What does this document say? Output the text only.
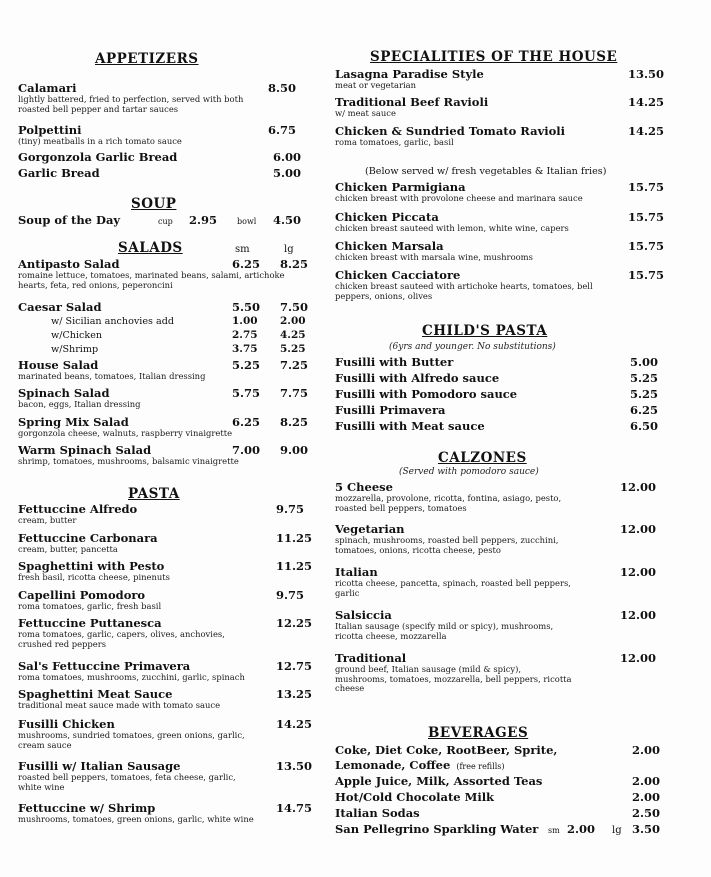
APPETIZERS
Calamari
lightly battered, fried to perfection, served with both roasted bell pepper and tartar sauces
8.50
Polpettini
(tiny) meatballs in a rich tomato sauce
6.75
Gorgonzola Garlic Bread	6.00
Garlic Bread	5.00
SOUP
Soup of the Day	cup 2.95 bowl 4.50
SALADS	sm	lg
Antipasto Salad
romaine lettuce, tomatoes, marinated beans, salami, artichoke hearts, feta, red onions, peperoncini
6.25 8.25
Caesar Salad	5.50 7.50
w/ Sicilian anchovies add	1.00 2.00
w/Chicken	2.75 4.25
w/Shrimp	3.75 5.25
House Salad
marinated beans, tomatoes, Italian dressing
5.25 7.25
Spinach Salad
bacon, eggs, Italian dressing
5.75 7.75
Spring Mix Salad
gorgonzola cheese, walnuts, raspberry vinaigrette
6.25 8.25
Warm Spinach Salad
shrimp, tomatoes, mushrooms, balsamic vinaigrette
7.00 9.00
PASTA
Fettuccine Alfredo
cream, butter
9.75
Fettuccine Carbonara
cream, butter, pancetta
11.25
Spaghettini with Pesto
fresh basil, ricotta cheese, pinenuts
11.25
Capellini Pomodoro
roma tomatoes, garlic, fresh basil
9.75
Fettuccine Puttanesca
roma tomatoes, garlic, capers, olives, anchovies, crushed red peppers
12.25
Sal's Fettuccine Primavera
roma tomatoes, mushrooms, zucchini, garlic, spinach
12.75
Spaghettini Meat Sauce
traditional meat sauce made with tomato sauce
13.25
Fusilli Chicken
mushrooms, sundried tomatoes, green onions, garlic, cream sauce
14.25
Fusilli w/ Italian Sausage
roasted bell peppers, tomatoes, feta cheese, garlic, white wine
13.50
Fettuccine w/ Shrimp
mushrooms, tomatoes, green onions, garlic, white wine
14.75
SPECIALITIES OF THE HOUSE
Lasagna Paradise Style
meat or vegetarian
13.50
Traditional Beef Ravioli
w/ meat sauce
14.25
Chicken & Sundried Tomato Ravioli
roma tomatoes, garlic, basil
14.25
(Below served w/ fresh vegetables & Italian fries)
Chicken Parmigiana
chicken breast with provolone cheese and marinara sauce
15.75
Chicken Piccata
chicken breast sauteed with lemon, white wine, capers
15.75
Chicken Marsala
chicken breast with marsala wine, mushrooms
15.75
Chicken Cacciatore
chicken breast sauteed with artichoke hearts, tomatoes, bell peppers, onions, olives
15.75
CHILD'S PASTA
(6yrs and younger. No substitutions)
Fusilli with Butter	5.00
Fusilli with Alfredo sauce	5.25
Fusilli with Pomodoro sauce	5.25
Fusilli Primavera	6.25
Fusilli with Meat sauce	6.50
CALZONES
(Served with pomodoro sauce)
5 Cheese
mozzarella, provolone, ricotta, fontina, asiago, pesto, roasted bell peppers, tomatoes
12.00
Vegetarian
spinach, mushrooms, roasted bell peppers, zucchini, tomatoes, onions, ricotta cheese, pesto
12.00
Italian
ricotta cheese, pancetta, spinach, roasted bell peppers, garlic
12.00
Salsiccia
Italian sausage (specify mild or spicy), mushrooms, ricotta cheese, mozzarella
12.00
Traditional
ground beef, Italian sausage (mild & spicy), mushrooms, tomatoes, mozzarella, bell peppers, ricotta cheese
12.00
BEVERAGES
Coke, Diet Coke, RootBeer, Sprite,	2.00
Lemonade, Coffee (free refills)
Apple Juice, Milk, Assorted Teas	2.00
Hot/Cold Chocolate Milk	2.00
Italian Sodas	2.50
San Pellegrino Sparkling Water	sm 2.00 lg 3.50
